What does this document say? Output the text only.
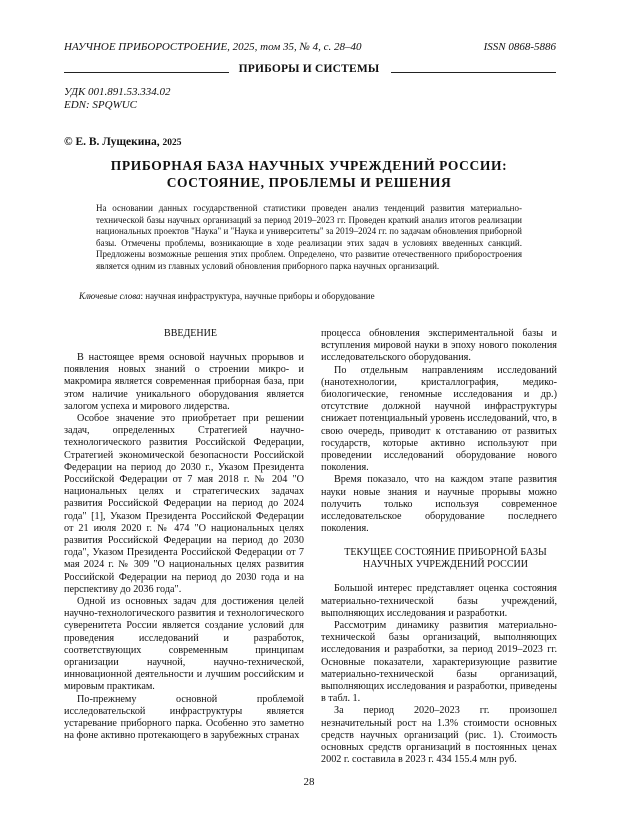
НАУЧНОЕ ПРИБОРОСТРОЕНИЕ, 2025, том 35, № 4, с. 28–40	ISSN 0868-5886
ПРИБОРЫ И СИСТЕМЫ
УДК 001.891.53.334.02
EDN: SPQWUC
© Е. В. Лущекина, 2025
ПРИБОРНАЯ БАЗА НАУЧНЫХ УЧРЕЖДЕНИЙ РОССИИ: СОСТОЯНИЕ, ПРОБЛЕМЫ И РЕШЕНИЯ
На основании данных государственной статистики проведен анализ тенденций развития материально-технической базы научных организаций за период 2019–2023 гг. Проведен краткий анализ итогов реализации национальных проектов "Наука" и "Наука и университеты" за 2019–2024 гг. по задачам обновления приборной базы. Отмечены проблемы, возникающие в ходе реализации этих задач в условиях введенных санкций. Предложены возможные решения этих проблем. Определено, что развитие отечественного приборостроения является одним из главных условий обновления приборного парка научных организаций.
Ключевые слова: научная инфраструктура, научные приборы и оборудование

ВВЕДЕНИЕ

В настоящее время основой научных прорывов и появления новых знаний о строении микро- и макромира является современная приборная база, при этом наличие уникального оборудования является залогом успеха и мирового лидерства.

Особое значение это приобретает при решении задач, определенных Стратегией научно-технологического развития Российской Федерации, Стратегией экономической безопасности Российской Федерации на период до 2030 г., Указом Президента Российской Федерации от 7 мая 2018 г. № 204 "О национальных целях и стратегических задачах развития Российской Федерации на период до 2024 года" [1], Указом Президента Российской Федерации от 21 июля 2020 г. № 474 "О национальных целях развития Российской Федерации на период до 2030 года", Указом Президента Российской Федерации от 7 мая 2024 г. № 309 "О национальных целях развития Российской Федерации на период до 2030 года и на перспективу до 2036 года".

Одной из основных задач для достижения целей научно-технологического развития и технологического суверенитета России является создание условий для проведения исследований и разработок, соответствующих современным принципам организации научной, научно-технической, инновационной деятельности и лучшим российским и мировым практикам.

По-прежнему основной проблемой исследовательской инфраструктуры является устаревание приборного парка. Особенно это заметно на фоне активно протекающего в зарубежных странах

процесса обновления экспериментальной базы и вступления мировой науки в эпоху нового поколения исследовательского оборудования.

По отдельным направлениям исследований (нанотехнологии, кристаллография, медико-биологические, геномные исследования и др.) отсутствие должной научной инфраструктуры снижает потенциальный уровень исследований, что, в свою очередь, приводит к отставанию от развитых государств, которые активно используют при проведении исследований оборудование нового поколения.

Время показало, что на каждом этапе развития науки новые знания и научные прорывы можно получить только используя современное исследовательское оборудование последнего поколения.

ТЕКУЩЕЕ СОСТОЯНИЕ ПРИБОРНОЙ БАЗЫ

НАУЧНЫХ УЧРЕЖДЕНИЙ РОССИИ

Большой интерес представляет оценка состояния материально-технической базы учреждений, выполняющих исследования и разработки.

Рассмотрим динамику развития материально-технической базы организаций, выполняющих исследования и разработки, за период 2019–2023 гг. Основные показатели, характеризующие развитие материально-технической базы организаций, выполняющих исследования и разработки, приведены в табл. 1.

За период 2020–2023 гг. произошел незначительный рост на 1.3% стоимости основных средств научных организаций (рис. 1). Стоимость основных средств организаций в постоянных ценах 2002 г. составила в 2023 г. 434 155.4 млн руб.

28
